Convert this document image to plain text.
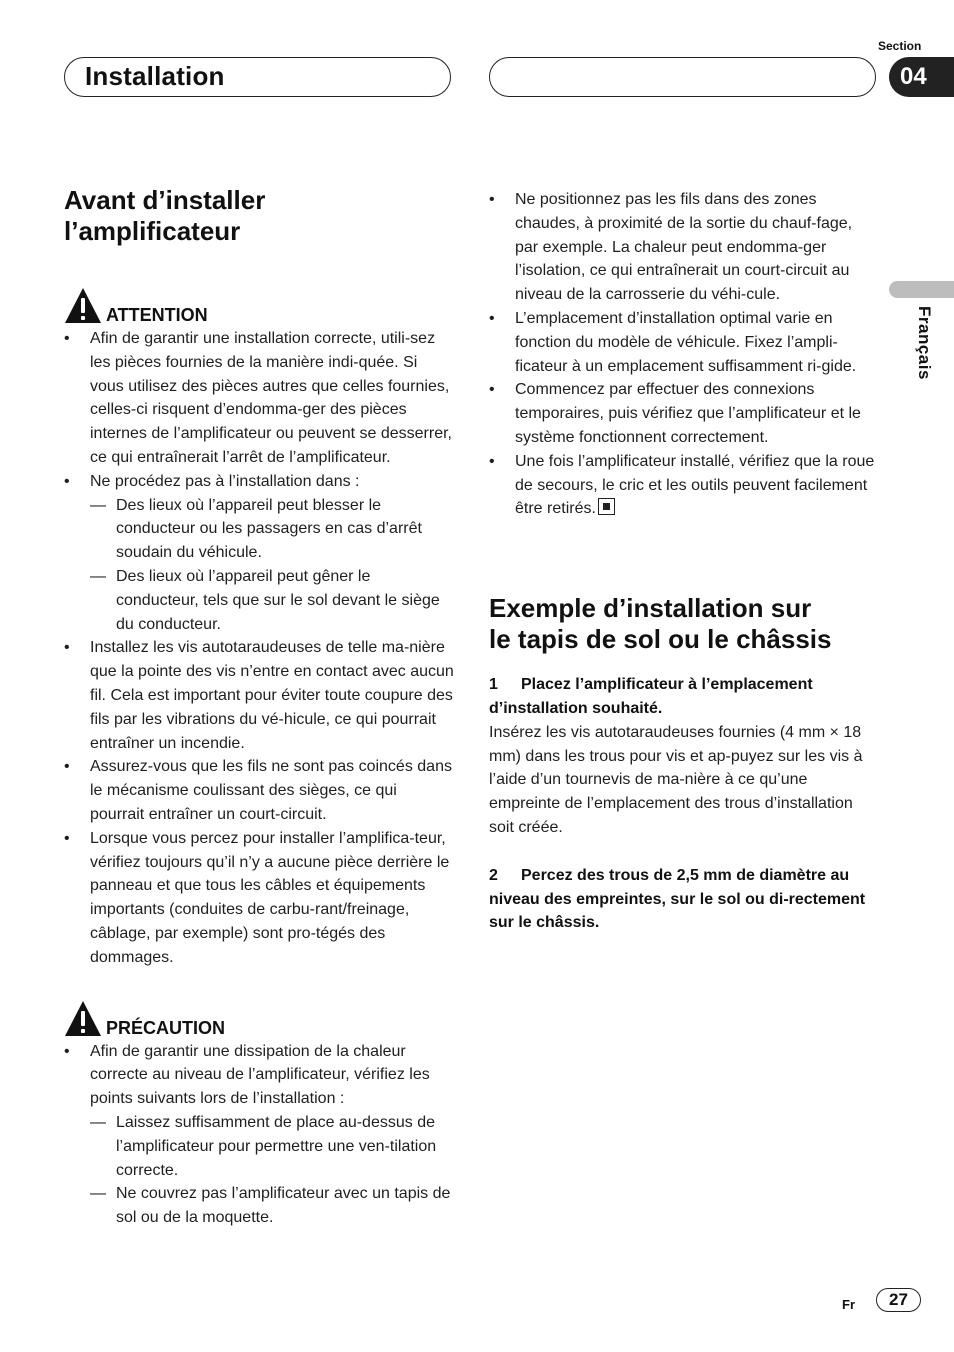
Installation
Section
04
Français
Avant d’installer
l’amplificateur
ATTENTION
• Afin de garantir une installation correcte, utili-sez les pièces fournies de la manière indi-quée. Si vous utilisez des pièces autres que celles fournies, celles-ci risquent d’endomma-ger des pièces internes de l’amplificateur ou peuvent se desserrer, ce qui entraînerait l’arrêt de l’amplificateur.
• Ne procédez pas à l’installation dans :
— Des lieux où l’appareil peut blesser le conducteur ou les passagers en cas d’arrêt soudain du véhicule.
— Des lieux où l’appareil peut gêner le conducteur, tels que sur le sol devant le siège du conducteur.
• Installez les vis autotaraudeuses de telle ma-nière que la pointe des vis n’entre en contact avec aucun fil. Cela est important pour éviter toute coupure des fils par les vibrations du vé-hicule, ce qui pourrait entraîner un incendie.
• Assurez-vous que les fils ne sont pas coincés dans le mécanisme coulissant des sièges, ce qui pourrait entraîner un court-circuit.
• Lorsque vous percez pour installer l’amplifica-teur, vérifiez toujours qu’il n’y a aucune pièce derrière le panneau et que tous les câbles et équipements importants (conduites de carbu-rant/freinage, câblage, par exemple) sont pro-tégés des dommages.
PRÉCAUTION
• Afin de garantir une dissipation de la chaleur correcte au niveau de l’amplificateur, vérifiez les points suivants lors de l’installation :
— Laissez suffisamment de place au-dessus de l’amplificateur pour permettre une ven-tilation correcte.
— Ne couvrez pas l’amplificateur avec un tapis de sol ou de la moquette.
• Ne positionnez pas les fils dans des zones chaudes, à proximité de la sortie du chauf-fage, par exemple. La chaleur peut endomma-ger l’isolation, ce qui entraînerait un court-circuit au niveau de la carrosserie du véhi-cule.
• L’emplacement d’installation optimal varie en fonction du modèle de véhicule. Fixez l’ampli-ficateur à un emplacement suffisamment ri-gide.
• Commencez par effectuer des connexions temporaires, puis vérifiez que l’amplificateur et le système fonctionnent correctement.
• Une fois l’amplificateur installé, vérifiez que la roue de secours, le cric et les outils peuvent facilement être retirés.
Exemple d’installation sur
le tapis de sol ou le châssis
1 Placez l’amplificateur à l’emplacement d’installation souhaité.
Insérez les vis autotaraudeuses fournies (4 mm × 18 mm) dans les trous pour vis et ap-puyez sur les vis à l’aide d’un tournevis de ma-nière à ce qu’une empreinte de l’emplacement des trous d’installation soit créée.
2 Percez des trous de 2,5 mm de diamètre au niveau des empreintes, sur le sol ou di-rectement sur le châssis.
Fr	27
